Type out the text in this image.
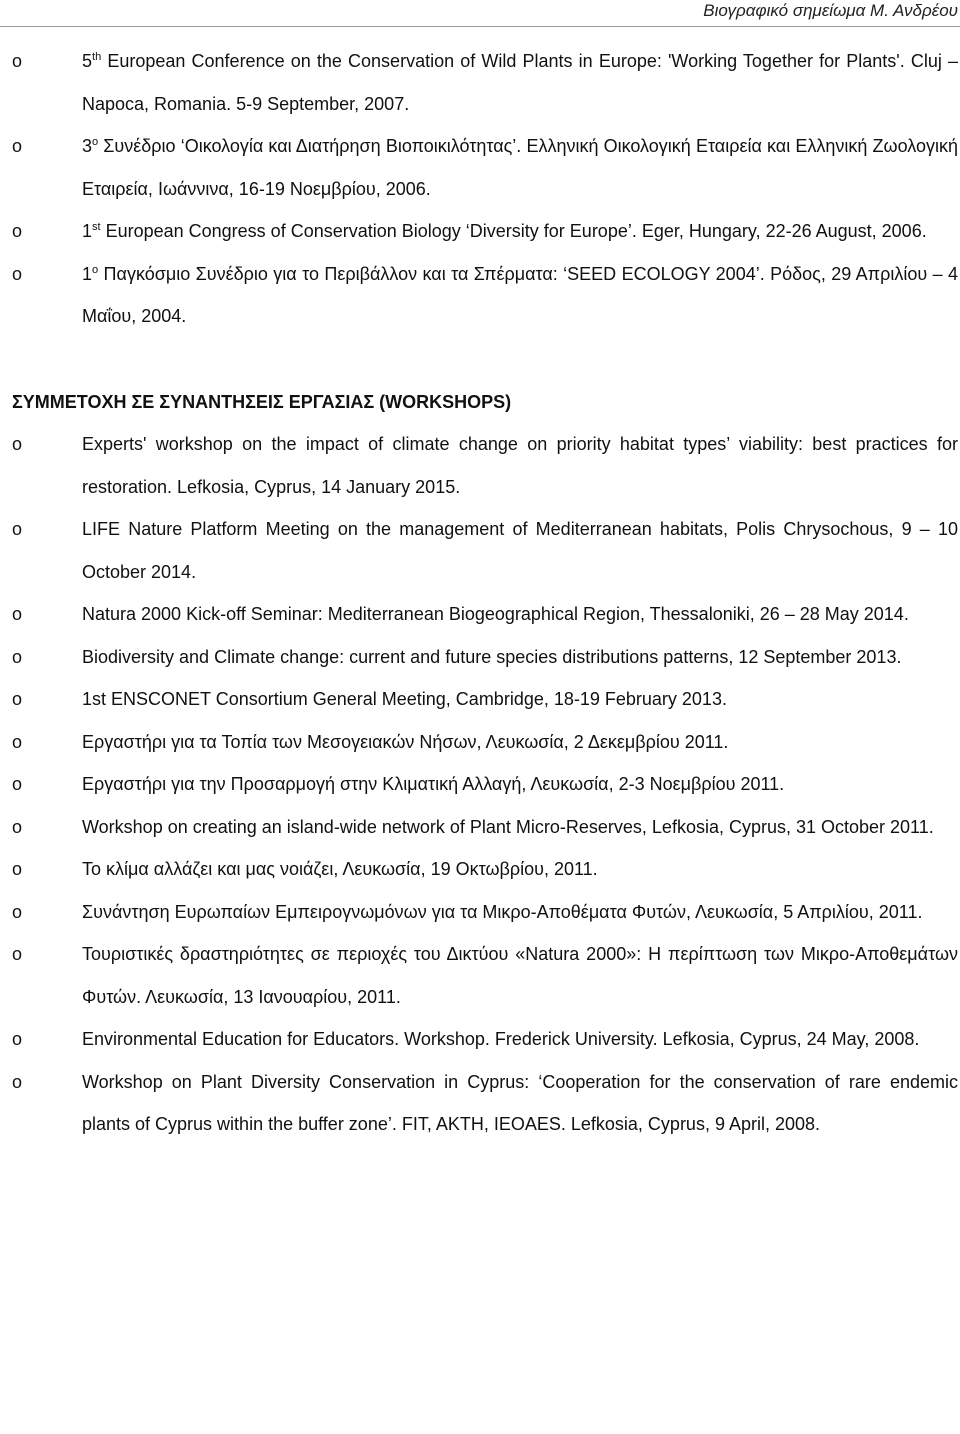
Βιογραφικό σημείωμα Μ. Ανδρέου
o	5th European Conference on the Conservation of Wild Plants in Europe: 'Working Together for Plants'. Cluj – Napoca, Romania. 5-9 September, 2007.
o	$3^o$ Συνέδριο ‘Οικολογία και Διατήρηση Βιοποικιλότητας’. Ελληνική Οικολογική Εταιρεία και Ελληνική Ζωολογική Εταιρεία, Ιωάννινα, 16-19 Νοεμβρίου, 2006.
o	1st European Congress of Conservation Biology ‘Diversity for Europe’. Eger, Hungary, 22-26 August, 2006.
o	$1^o$ Παγκόσμιο Συνέδριο για το Περιβάλλον και τα Σπέρματα: ‘SEED ECOLOGY 2004’. Ρόδος, 29 Απριλίου – 4 Μαΐου, 2004.
ΣΥΜΜΕΤΟΧΗ ΣΕ ΣΥΝΑΝΤΗΣΕΙΣ ΕΡΓΑΣΙΑΣ (WORKSHOPS)
o	Experts' workshop on the impact of climate change on priority habitat types’ viability: best practices for restoration. Lefkosia, Cyprus, 14 January 2015.
o	LIFE Nature Platform Meeting on the management of Mediterranean habitats, Polis Chrysochous, 9 – 10 October 2014.
o	Natura 2000 Kick-off Seminar: Mediterranean Biogeographical Region, Thessaloniki, 26 – 28 May 2014.
o	Biodiversity and Climate change: current and future species distributions patterns, 12 September 2013.
o	1st ENSCONET Consortium General Meeting, Cambridge, 18-19 February 2013.
o	Εργαστήρι για τα Τοπία των Μεσογειακών Νήσων, Λευκωσία, 2 Δεκεμβρίου 2011.
o	Εργαστήρι για την Προσαρμογή στην Κλιματική Αλλαγή, Λευκωσία, 2-3 Νοεμβρίου 2011.
o	Workshop on creating an island-wide network of Plant Micro-Reserves, Lefkosia, Cyprus, 31 October 2011.
o	Το κλίμα αλλάζει και μας νοιάζει, Λευκωσία, 19 Οκτωβρίου, 2011.
o	Συνάντηση Ευρωπαίων Εμπειρογνωμόνων για τα Μικρο-Αποθέματα Φυτών, Λευκωσία, 5 Απριλίου, 2011.
o	Τουριστικές δραστηριότητες σε περιοχές του Δικτύου «Natura 2000»: Η περίπτωση των Μικρο-Αποθεμάτων Φυτών. Λευκωσία, 13 Ιανουαρίου, 2011.
o	Environmental Education for Educators. Workshop. Frederick University. Lefkosia, Cyprus, 24 May, 2008.
o	Workshop on Plant Diversity Conservation in Cyprus: ‘Cooperation for the conservation of rare endemic plants of Cyprus within the buffer zone’. FIT, AKTH, IEOAES. Lefkosia, Cyprus, 9 April, 2008.
